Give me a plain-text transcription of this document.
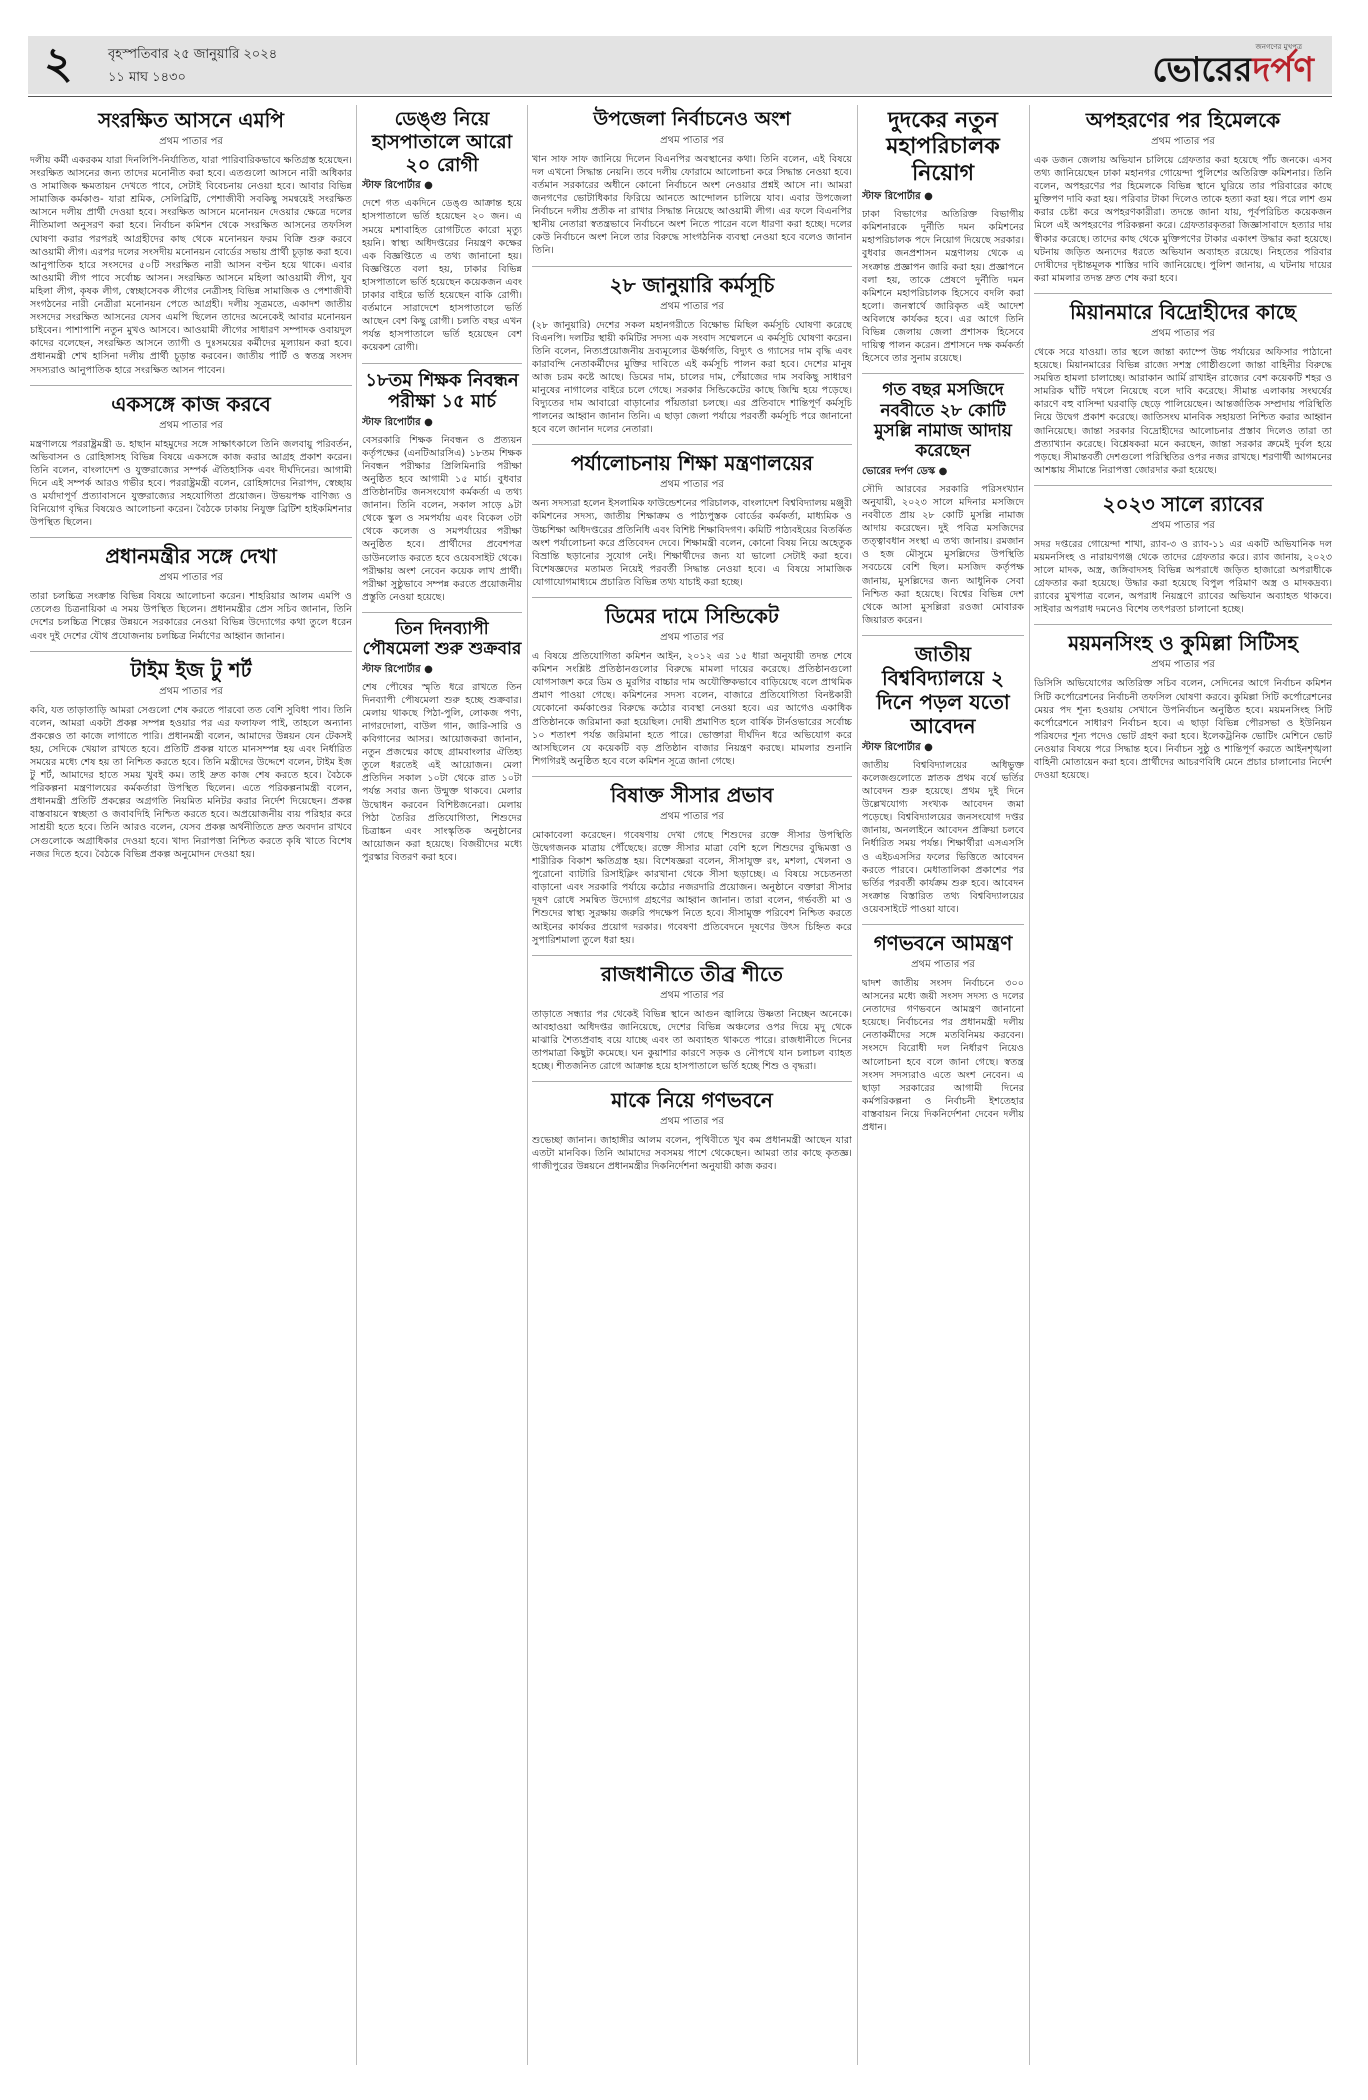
২	বৃহস্পতিবার ২৫ জানুয়ারি ২০২৪
১১ মাঘ ১৪৩০
জনগণের মুখপত্র
ভোরেরদর্পণ
সংরক্ষিত আসনে এমপি
প্রথম পাতার পর

দলীয় কর্মী একরকম যারা দিনলিপি-নির্যাতিত, যারা পারিবারিকভাবে ক্ষতিগ্রস্ত হয়েছেন। সংরক্ষিত আসনের জন্য তাদের মনোনীত করা হবে। এতগুলো আসনে নারী অধিকার ও সামাজিক ক্ষমতায়ন দেখতে পাবে, সেটাই বিবেচনায় নেওয়া হবে। আবার বিভিন্ন সামাজিক কর্মকাণ্ড- যারা শ্রমিক, সেলিব্রিটি, পেশাজীবী সবকিছু সমন্বয়েই সংরক্ষিত আসনে দলীয় প্রার্থী দেওয়া হবে। সংরক্ষিত আসনে মনোনয়ন দেওয়ার ক্ষেত্রে দলের নীতিমালা অনুসরণ করা হবে। নির্বাচন কমিশন থেকে সংরক্ষিত আসনের তফসিল ঘোষণা করার পরপরই আগ্রহীদের কাছ থেকে মনোনয়ন ফরম বিক্রি শুরু করবে আওয়ামী লীগ। এরপর দলের সংসদীয় মনোনয়ন বোর্ডের সভায় প্রার্থী চূড়ান্ত করা হবে। আনুপাতিক হারে সংসদের ৫০টি সংরক্ষিত নারী আসন বণ্টন হয়ে থাকে। এবার আওয়ামী লীগ পাবে সর্বোচ্চ আসন। সংরক্ষিত আসনে মহিলা আওয়ামী লীগ, যুব মহিলা লীগ, কৃষক লীগ, স্বেচ্ছাসেবক লীগের নেত্রীসহ বিভিন্ন সামাজিক ও পেশাজীবী সংগঠনের নারী নেত্রীরা মনোনয়ন পেতে আগ্রহী। দলীয় সূত্রমতে, একাদশ জাতীয় সংসদের সংরক্ষিত আসনের যেসব এমপি ছিলেন তাদের অনেকেই আবার মনোনয়ন চাইবেন। পাশাপাশি নতুন মুখও আসবে। আওয়ামী লীগের সাধারণ সম্পাদক ওবায়দুল কাদের বলেছেন, সংরক্ষিত আসনে ত্যাগী ও দুঃসময়ের কর্মীদের মূল্যায়ন করা হবে। প্রধানমন্ত্রী শেখ হাসিনা দলীয় প্রার্থী চূড়ান্ত করবেন। জাতীয় পার্টি ও স্বতন্ত্র সংসদ সদস্যরাও আনুপাতিক হারে সংরক্ষিত আসন পাবেন।

একসঙ্গে কাজ করবে
প্রথম পাতার পর

মন্ত্রণালয়ে পররাষ্ট্রমন্ত্রী ড. হাছান মাহমুদের সঙ্গে সাক্ষাৎকালে তিনি জলবায়ু পরিবর্তন, অভিবাসন ও রোহিঙ্গাসহ বিভিন্ন বিষয়ে একসঙ্গে কাজ করার আগ্রহ প্রকাশ করেন। তিনি বলেন, বাংলাদেশ ও যুক্তরাজ্যের সম্পর্ক ঐতিহাসিক এবং দীর্ঘদিনের। আগামী দিনে এই সম্পর্ক আরও গভীর হবে। পররাষ্ট্রমন্ত্রী বলেন, রোহিঙ্গাদের নিরাপদ, স্বেচ্ছায় ও মর্যাদাপূর্ণ প্রত্যাবাসনে যুক্তরাজ্যের সহযোগিতা প্রয়োজন। উভয়পক্ষ বাণিজ্য ও বিনিয়োগ বৃদ্ধির বিষয়েও আলোচনা করেন। বৈঠকে ঢাকায় নিযুক্ত ব্রিটিশ হাইকমিশনার উপস্থিত ছিলেন।

প্রধানমন্ত্রীর সঙ্গে দেখা
প্রথম পাতার পর

তারা চলচ্চিত্র সংক্রান্ত বিভিন্ন বিষয়ে আলোচনা করেন। শাহরিয়ার আলম এমপি ও তেলেগু চিত্রনায়িকা এ সময় উপস্থিত ছিলেন। প্রধানমন্ত্রীর প্রেস সচিব জানান, তিনি দেশের চলচ্চিত্র শিল্পের উন্নয়নে সরকারের নেওয়া বিভিন্ন উদ্যোগের কথা তুলে ধরেন এবং দুই দেশের যৌথ প্রযোজনায় চলচ্চিত্র নির্মাণের আহ্বান জানান।

টাইম ইজ টু শর্ট
প্রথম পাতার পর

কবি, যত তাড়াতাড়ি আমরা সেগুলো শেষ করতে পারবো তত বেশি সুবিধা পাব। তিনি বলেন, আমরা একটা প্রকল্প সম্পন্ন হওয়ার পর এর ফলাফল পাই, তাহলে অন্যান্য প্রকল্পেও তা কাজে লাগাতে পারি। প্রধানমন্ত্রী বলেন, আমাদের উন্নয়ন যেন টেকসই হয়, সেদিকে খেয়াল রাখতে হবে। প্রতিটি প্রকল্প যাতে মানসম্পন্ন হয় এবং নির্ধারিত সময়ের মধ্যে শেষ হয় তা নিশ্চিত করতে হবে। তিনি মন্ত্রীদের উদ্দেশে বলেন, টাইম ইজ টু শর্ট, আমাদের হাতে সময় খুবই কম। তাই দ্রুত কাজ শেষ করতে হবে। বৈঠকে পরিকল্পনা মন্ত্রণালয়ের কর্মকর্তারা উপস্থিত ছিলেন। এতে পরিকল্পনামন্ত্রী বলেন, প্রধানমন্ত্রী প্রতিটি প্রকল্পের অগ্রগতি নিয়মিত মনিটর করার নির্দেশ দিয়েছেন। প্রকল্প বাস্তবায়নে স্বচ্ছতা ও জবাবদিহি নিশ্চিত করতে হবে। অপ্রয়োজনীয় ব্যয় পরিহার করে সাশ্রয়ী হতে হবে। তিনি আরও বলেন, যেসব প্রকল্প অর্থনীতিতে দ্রুত অবদান রাখবে সেগুলোকে অগ্রাধিকার দেওয়া হবে। খাদ্য নিরাপত্তা নিশ্চিত করতে কৃষি খাতে বিশেষ নজর দিতে হবে। বৈঠকে বিভিন্ন প্রকল্প অনুমোদন দেওয়া হয়।

ডেঙ্গু নিয়ে হাসপাতালে আরো ২০ রোগী
স্টাফ রিপোর্টার ●

দেশে গত একদিনে ডেঙ্গু আক্রান্ত হয়ে হাসপাতালে ভর্তি হয়েছেন ২০ জন। এ সময়ে মশাবাহিত রোগটিতে কারো মৃত্যু হয়নি। স্বাস্থ্য অধিদপ্তরের নিয়ন্ত্রণ কক্ষের এক বিজ্ঞপ্তিতে এ তথ্য জানানো হয়। বিজ্ঞপ্তিতে বলা হয়, ঢাকার বিভিন্ন হাসপাতালে ভর্তি হয়েছেন কয়েকজন এবং ঢাকার বাইরে ভর্তি হয়েছেন বাকি রোগী। বর্তমানে সারাদেশে হাসপাতালে ভর্তি আছেন বেশ কিছু রোগী। চলতি বছর এখন পর্যন্ত হাসপাতালে ভর্তি হয়েছেন বেশ কয়েকশ রোগী।

১৮তম শিক্ষক নিবন্ধন পরীক্ষা ১৫ মার্চ
স্টাফ রিপোর্টার ●

বেসরকারি শিক্ষক নিবন্ধন ও প্রত্যয়ন কর্তৃপক্ষের (এনটিআরসিএ) ১৮তম শিক্ষক নিবন্ধন পরীক্ষার প্রিলিমিনারি পরীক্ষা অনুষ্ঠিত হবে আগামী ১৫ মার্চ। বুধবার প্রতিষ্ঠানটির জনসংযোগ কর্মকর্তা এ তথ্য জানান। তিনি বলেন, সকাল সাড়ে ৯টা থেকে স্কুল ও সমপর্যায় এবং বিকেল ৩টা থেকে কলেজ ও সমপর্যায়ের পরীক্ষা অনুষ্ঠিত হবে। প্রার্থীদের প্রবেশপত্র ডাউনলোড করতে হবে ওয়েবসাইট থেকে। পরীক্ষায় অংশ নেবেন কয়েক লাখ প্রার্থী। পরীক্ষা সুষ্ঠুভাবে সম্পন্ন করতে প্রয়োজনীয় প্রস্তুতি নেওয়া হয়েছে।

তিন দিনব্যাপী পৌষমেলা শুরু শুক্রবার
স্টাফ রিপোর্টার ●

শেষ পৌষের স্মৃতি ধরে রাখতে তিন দিনব্যাপী পৌষমেলা শুরু হচ্ছে শুক্রবার। মেলায় থাকছে পিঠা-পুলি, লোকজ পণ্য, নাগরদোলা, বাউল গান, জারি-সারি ও কবিগানের আসর। আয়োজকরা জানান, নতুন প্রজন্মের কাছে গ্রামবাংলার ঐতিহ্য তুলে ধরতেই এই আয়োজন। মেলা প্রতিদিন সকাল ১০টা থেকে রাত ১০টা পর্যন্ত সবার জন্য উন্মুক্ত থাকবে। মেলার উদ্বোধন করবেন বিশিষ্টজনেরা। মেলায় পিঠা তৈরির প্রতিযোগিতা, শিশুদের চিত্রাঙ্কন এবং সাংস্কৃতিক অনুষ্ঠানের আয়োজন করা হয়েছে। বিজয়ীদের মধ্যে পুরস্কার বিতরণ করা হবে।

উপজেলা নির্বাচনেও অংশ
প্রথম পাতার পর

খান সাফ সাফ জানিয়ে দিলেন বিএনপির অবস্থানের কথা। তিনি বলেন, এই বিষয়ে দল এখনো সিদ্ধান্ত নেয়নি। তবে দলীয় ফোরামে আলোচনা করে সিদ্ধান্ত নেওয়া হবে। বর্তমান সরকারের অধীনে কোনো নির্বাচনে অংশ নেওয়ার প্রশ্নই আসে না। আমরা জনগণের ভোটাধিকার ফিরিয়ে আনতে আন্দোলন চালিয়ে যাব। এবার উপজেলা নির্বাচনে দলীয় প্রতীক না রাখার সিদ্ধান্ত নিয়েছে আওয়ামী লীগ। এর ফলে বিএনপির স্থানীয় নেতারা স্বতন্ত্রভাবে নির্বাচনে অংশ নিতে পারেন বলে ধারণা করা হচ্ছে। দলের কেউ নির্বাচনে অংশ নিলে তার বিরুদ্ধে সাংগঠনিক ব্যবস্থা নেওয়া হবে বলেও জানান তিনি।

২৮ জানুয়ারি কর্মসূচি
প্রথম পাতার পর

(২৮ জানুয়ারি) দেশের সকল মহানগরীতে বিক্ষোভ মিছিল কর্মসূচি ঘোষণা করেছে বিএনপি। দলটির স্থায়ী কমিটির সদস্য এক সংবাদ সম্মেলনে এ কর্মসূচি ঘোষণা করেন। তিনি বলেন, নিত্যপ্রয়োজনীয় দ্রব্যমূল্যের ঊর্ধ্বগতি, বিদ্যুৎ ও গ্যাসের দাম বৃদ্ধি এবং কারাবন্দি নেতাকর্মীদের মুক্তির দাবিতে এই কর্মসূচি পালন করা হবে। দেশের মানুষ আজ চরম কষ্টে আছে। ডিমের দাম, চালের দাম, পেঁয়াজের দাম সবকিছু সাধারণ মানুষের নাগালের বাইরে চলে গেছে। সরকার সিন্ডিকেটের কাছে জিম্মি হয়ে পড়েছে। বিদ্যুতের দাম আবারো বাড়ানোর পাঁয়তারা চলছে। এর প্রতিবাদে শান্তিপূর্ণ কর্মসূচি পালনের আহ্বান জানান তিনি। এ ছাড়া জেলা পর্যায়ে পরবর্তী কর্মসূচি পরে জানানো হবে বলে জানান দলের নেতারা।

পর্যালোচনায় শিক্ষা মন্ত্রণালয়ের
প্রথম পাতার পর

অন্য সদস্যরা হলেন ইসলামিক ফাউন্ডেশনের পরিচালক, বাংলাদেশ বিশ্ববিদ্যালয় মঞ্জুরী কমিশনের সদস্য, জাতীয় শিক্ষাক্রম ও পাঠ্যপুস্তক বোর্ডের কর্মকর্তা, মাধ্যমিক ও উচ্চশিক্ষা অধিদপ্তরের প্রতিনিধি এবং বিশিষ্ট শিক্ষাবিদগণ। কমিটি পাঠ্যবইয়ের বিতর্কিত অংশ পর্যালোচনা করে প্রতিবেদন দেবে। শিক্ষামন্ত্রী বলেন, কোনো বিষয় নিয়ে অহেতুক বিভ্রান্তি ছড়ানোর সুযোগ নেই। শিক্ষার্থীদের জন্য যা ভালো সেটাই করা হবে। বিশেষজ্ঞদের মতামত নিয়েই পরবর্তী সিদ্ধান্ত নেওয়া হবে। এ বিষয়ে সামাজিক যোগাযোগমাধ্যমে প্রচারিত বিভিন্ন তথ্য যাচাই করা হচ্ছে।

ডিমের দামে সিন্ডিকেট
প্রথম পাতার পর

এ বিষয়ে প্রতিযোগিতা কমিশন আইন, ২০১২ এর ১৫ ধারা অনুযায়ী তদন্ত শেষে কমিশন সংশ্লিষ্ট প্রতিষ্ঠানগুলোর বিরুদ্ধে মামলা দায়ের করেছে। প্রতিষ্ঠানগুলো যোগসাজশ করে ডিম ও মুরগির বাচ্চার দাম অযৌক্তিকভাবে বাড়িয়েছে বলে প্রাথমিক প্রমাণ পাওয়া গেছে। কমিশনের সদস্য বলেন, বাজারে প্রতিযোগিতা বিনষ্টকারী যেকোনো কর্মকাণ্ডের বিরুদ্ধে কঠোর ব্যবস্থা নেওয়া হবে। এর আগেও একাধিক প্রতিষ্ঠানকে জরিমানা করা হয়েছিল। দোষী প্রমাণিত হলে বার্ষিক টার্নওভারের সর্বোচ্চ ১০ শতাংশ পর্যন্ত জরিমানা হতে পারে। ভোক্তারা দীর্ঘদিন ধরে অভিযোগ করে আসছিলেন যে কয়েকটি বড় প্রতিষ্ঠান বাজার নিয়ন্ত্রণ করছে। মামলার শুনানি শিগগিরই অনুষ্ঠিত হবে বলে কমিশন সূত্রে জানা গেছে।

বিষাক্ত সীসার প্রভাব
প্রথম পাতার পর

মোকাবেলা করেছেন। গবেষণায় দেখা গেছে শিশুদের রক্তে সীসার উপস্থিতি উদ্বেগজনক মাত্রায় পৌঁছেছে। রক্তে সীসার মাত্রা বেশি হলে শিশুদের বুদ্ধিমত্তা ও শারীরিক বিকাশ ক্ষতিগ্রস্ত হয়। বিশেষজ্ঞরা বলেন, সীসাযুক্ত রং, মশলা, খেলনা ও পুরোনো ব্যাটারি রিসাইক্লিং কারখানা থেকে সীসা ছড়াচ্ছে। এ বিষয়ে সচেতনতা বাড়ানো এবং সরকারি পর্যায়ে কঠোর নজরদারি প্রয়োজন। অনুষ্ঠানে বক্তারা সীসার দূষণ রোধে সমন্বিত উদ্যোগ গ্রহণের আহ্বান জানান। তারা বলেন, গর্ভবতী মা ও শিশুদের স্বাস্থ্য সুরক্ষায় জরুরি পদক্ষেপ নিতে হবে। সীসামুক্ত পরিবেশ নিশ্চিত করতে আইনের কার্যকর প্রয়োগ দরকার। গবেষণা প্রতিবেদনে দূষণের উৎস চিহ্নিত করে সুপারিশমালা তুলে ধরা হয়।

রাজধানীতে তীব্র শীতে
প্রথম পাতার পর

তাড়াতে সন্ধ্যার পর থেকেই বিভিন্ন স্থানে আগুন জ্বালিয়ে উষ্ণতা নিচ্ছেন অনেকে। আবহাওয়া অধিদপ্তর জানিয়েছে, দেশের বিভিন্ন অঞ্চলের ওপর দিয়ে মৃদু থেকে মাঝারি শৈত্যপ্রবাহ বয়ে যাচ্ছে এবং তা অব্যাহত থাকতে পারে। রাজধানীতে দিনের তাপমাত্রা কিছুটা কমেছে। ঘন কুয়াশার কারণে সড়ক ও নৌপথে যান চলাচল ব্যাহত হচ্ছে। শীতজনিত রোগে আক্রান্ত হয়ে হাসপাতালে ভর্তি হচ্ছে শিশু ও বৃদ্ধরা।

মাকে নিয়ে গণভবনে
প্রথম পাতার পর

শুভেচ্ছা জানান। জাহাঙ্গীর আলম বলেন, পৃথিবীতে খুব কম প্রধানমন্ত্রী আছেন যারা এতটা মানবিক। তিনি আমাদের সবসময় পাশে থেকেছেন। আমরা তার কাছে কৃতজ্ঞ। গাজীপুরের উন্নয়নে প্রধানমন্ত্রীর দিকনির্দেশনা অনুযায়ী কাজ করব।

দুদকের নতুন মহাপরিচালক নিয়োগ
স্টাফ রিপোর্টার ●

ঢাকা বিভাগের অতিরিক্ত বিভাগীয় কমিশনারকে দুর্নীতি দমন কমিশনের মহাপরিচালক পদে নিয়োগ দিয়েছে সরকার। বুধবার জনপ্রশাসন মন্ত্রণালয় থেকে এ সংক্রান্ত প্রজ্ঞাপন জারি করা হয়। প্রজ্ঞাপনে বলা হয়, তাকে প্রেষণে দুর্নীতি দমন কমিশনে মহাপরিচালক হিসেবে বদলি করা হলো। জনস্বার্থে জারিকৃত এই আদেশ অবিলম্বে কার্যকর হবে। এর আগে তিনি বিভিন্ন জেলায় জেলা প্রশাসক হিসেবে দায়িত্ব পালন করেন। প্রশাসনে দক্ষ কর্মকর্তা হিসেবে তার সুনাম রয়েছে।

গত বছর মসজিদে নববীতে ২৮ কোটি মুসল্লি নামাজ আদায় করেছেন
ভোরের দর্পণ ডেস্ক ●

সৌদি আরবের সরকারি পরিসংখ্যান অনুযায়ী, ২০২৩ সালে মদিনার মসজিদে নববীতে প্রায় ২৮ কোটি মুসল্লি নামাজ আদায় করেছেন। দুই পবিত্র মসজিদের তত্ত্বাবধান সংস্থা এ তথ্য জানায়। রমজান ও হজ মৌসুমে মুসল্লিদের উপস্থিতি সবচেয়ে বেশি ছিল। মসজিদ কর্তৃপক্ষ জানায়, মুসল্লিদের জন্য আধুনিক সেবা নিশ্চিত করা হয়েছে। বিশ্বের বিভিন্ন দেশ থেকে আসা মুসল্লিরা রওজা মোবারক জিয়ারত করেন।

জাতীয় বিশ্ববিদ্যালয়ে ২ দিনে পড়ল যতো আবেদন
স্টাফ রিপোর্টার ●

জাতীয় বিশ্ববিদ্যালয়ের অধিভুক্ত কলেজগুলোতে স্নাতক প্রথম বর্ষে ভর্তির আবেদন শুরু হয়েছে। প্রথম দুই দিনে উল্লেখযোগ্য সংখ্যক আবেদন জমা পড়েছে। বিশ্ববিদ্যালয়ের জনসংযোগ দপ্তর জানায়, অনলাইনে আবেদন প্রক্রিয়া চলবে নির্ধারিত সময় পর্যন্ত। শিক্ষার্থীরা এসএসসি ও এইচএসসির ফলের ভিত্তিতে আবেদন করতে পারবে। মেধাতালিকা প্রকাশের পর ভর্তির পরবর্তী কার্যক্রম শুরু হবে। আবেদন সংক্রান্ত বিস্তারিত তথ্য বিশ্ববিদ্যালয়ের ওয়েবসাইটে পাওয়া যাবে।

গণভবনে আমন্ত্রণ
প্রথম পাতার পর

দ্বাদশ জাতীয় সংসদ নির্বাচনে ৩০০ আসনের মধ্যে জয়ী সংসদ সদস্য ও দলের নেতাদের গণভবনে আমন্ত্রণ জানানো হয়েছে। নির্বাচনের পর প্রধানমন্ত্রী দলীয় নেতাকর্মীদের সঙ্গে মতবিনিময় করবেন। সংসদে বিরোধী দল নির্ধারণ নিয়েও আলোচনা হবে বলে জানা গেছে। স্বতন্ত্র সংসদ সদস্যরাও এতে অংশ নেবেন। এ ছাড়া সরকারের আগামী দিনের কর্মপরিকল্পনা ও নির্বাচনী ইশতেহার বাস্তবায়ন নিয়ে দিকনির্দেশনা দেবেন দলীয় প্রধান।

অপহরণের পর হিমেলকে
প্রথম পাতার পর

এক ডজন জেলায় অভিযান চালিয়ে গ্রেফতার করা হয়েছে পাঁচ জনকে। এসব তথ্য জানিয়েছেন ঢাকা মহানগর গোয়েন্দা পুলিশের অতিরিক্ত কমিশনার। তিনি বলেন, অপহরণের পর হিমেলকে বিভিন্ন স্থানে ঘুরিয়ে তার পরিবারের কাছে মুক্তিপণ দাবি করা হয়। পরিবার টাকা দিলেও তাকে হত্যা করা হয়। পরে লাশ গুম করার চেষ্টা করে অপহরণকারীরা। তদন্তে জানা যায়, পূর্বপরিচিত কয়েকজন মিলে এই অপহরণের পরিকল্পনা করে। গ্রেফতারকৃতরা জিজ্ঞাসাবাদে হত্যার দায় স্বীকার করেছে। তাদের কাছ থেকে মুক্তিপণের টাকার একাংশ উদ্ধার করা হয়েছে। ঘটনায় জড়িত অন্যদের ধরতে অভিযান অব্যাহত রয়েছে। নিহতের পরিবার দোষীদের দৃষ্টান্তমূলক শাস্তির দাবি জানিয়েছে। পুলিশ জানায়, এ ঘটনায় দায়ের করা মামলার তদন্ত দ্রুত শেষ করা হবে।

মিয়ানমারে বিদ্রোহীদের কাছে
প্রথম পাতার পর

থেকে সরে যাওয়া। তার স্থলে জান্তা ক্যাম্পে উচ্চ পর্যায়ের অফিসার পাঠানো হয়েছে। মিয়ানমারের বিভিন্ন রাজ্যে সশস্ত্র গোষ্ঠীগুলো জান্তা বাহিনীর বিরুদ্ধে সমন্বিত হামলা চালাচ্ছে। আরাকান আর্মি রাখাইন রাজ্যের বেশ কয়েকটি শহর ও সামরিক ঘাঁটি দখলে নিয়েছে বলে দাবি করেছে। সীমান্ত এলাকায় সংঘর্ষের কারণে বহু বাসিন্দা ঘরবাড়ি ছেড়ে পালিয়েছেন। আন্তর্জাতিক সম্প্রদায় পরিস্থিতি নিয়ে উদ্বেগ প্রকাশ করেছে। জাতিসংঘ মানবিক সহায়তা নিশ্চিত করার আহ্বান জানিয়েছে। জান্তা সরকার বিদ্রোহীদের আলোচনার প্রস্তাব দিলেও তারা তা প্রত্যাখ্যান করেছে। বিশ্লেষকরা মনে করছেন, জান্তা সরকার ক্রমেই দুর্বল হয়ে পড়ছে। সীমান্তবর্তী দেশগুলো পরিস্থিতির ওপর নজর রাখছে। শরণার্থী আগমনের আশঙ্কায় সীমান্তে নিরাপত্তা জোরদার করা হয়েছে।

২০২৩ সালে র‌্যাবের
প্রথম পাতার পর

সদর দপ্তরের গোয়েন্দা শাখা, র‌্যাব-৩ ও র‌্যাব-১১ এর একটি অভিযানিক দল ময়মনসিংহ ও নারায়ণগঞ্জ থেকে তাদের গ্রেফতার করে। র‌্যাব জানায়, ২০২৩ সালে মাদক, অস্ত্র, জঙ্গিবাদসহ বিভিন্ন অপরাধে জড়িত হাজারো অপরাধীকে গ্রেফতার করা হয়েছে। উদ্ধার করা হয়েছে বিপুল পরিমাণ অস্ত্র ও মাদকদ্রব্য। র‌্যাবের মুখপাত্র বলেন, অপরাধ নিয়ন্ত্রণে র‌্যাবের অভিযান অব্যাহত থাকবে। সাইবার অপরাধ দমনেও বিশেষ তৎপরতা চালানো হচ্ছে।

ময়মনসিংহ ও কুমিল্লা সিটিসহ
প্রথম পাতার পর

ডিসিসি অভিযোগের অতিরিক্ত সচিব বলেন, সেদিনের আগে নির্বাচন কমিশন সিটি কর্পোরেশনের নির্বাচনী তফসিল ঘোষণা করবে। কুমিল্লা সিটি কর্পোরেশনের মেয়র পদ শূন্য হওয়ায় সেখানে উপনির্বাচন অনুষ্ঠিত হবে। ময়মনসিংহ সিটি কর্পোরেশনে সাধারণ নির্বাচন হবে। এ ছাড়া বিভিন্ন পৌরসভা ও ইউনিয়ন পরিষদের শূন্য পদেও ভোট গ্রহণ করা হবে। ইলেকট্রনিক ভোটিং মেশিনে ভোট নেওয়ার বিষয়ে পরে সিদ্ধান্ত হবে। নির্বাচন সুষ্ঠু ও শান্তিপূর্ণ করতে আইনশৃঙ্খলা বাহিনী মোতায়েন করা হবে। প্রার্থীদের আচরণবিধি মেনে প্রচার চালানোর নির্দেশ দেওয়া হয়েছে।
